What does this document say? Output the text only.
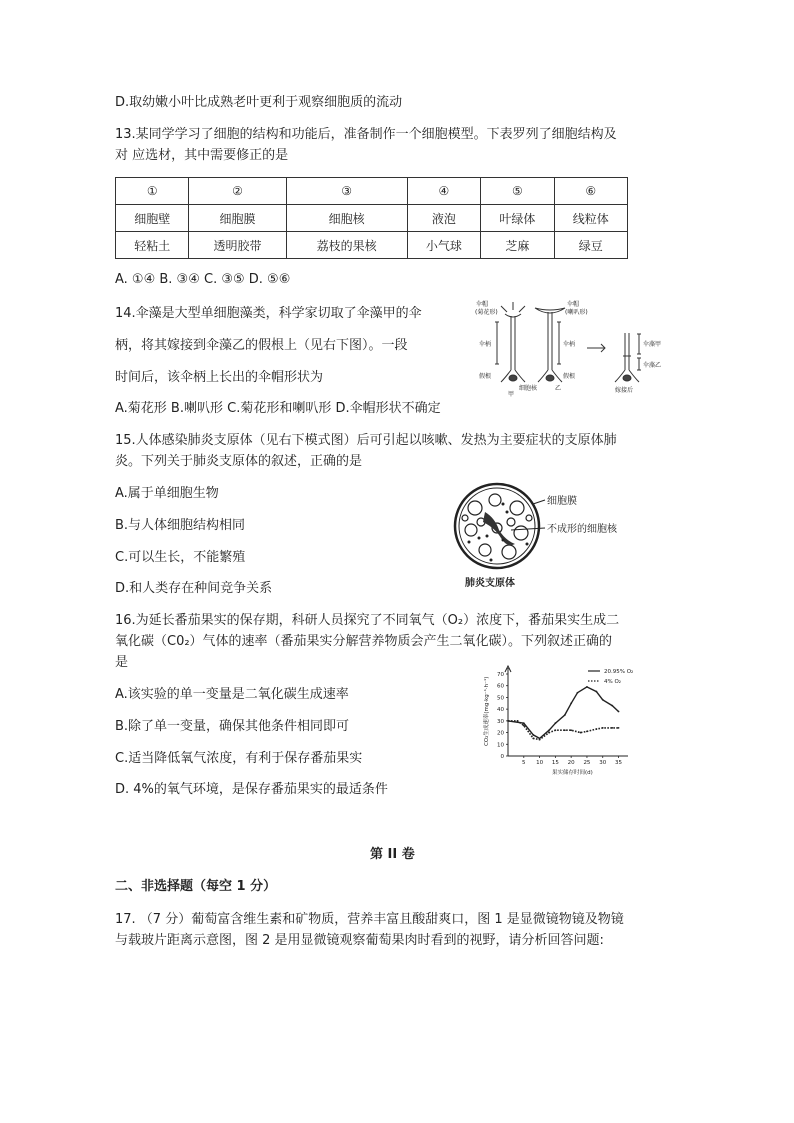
D.取幼嫩小叶比成熟老叶更利于观察细胞质的流动
13.某同学学习了细胞的结构和功能后，准备制作一个细胞模型。下表罗列了细胞结构及
对 应选材，其中需要修正的是
①	②	③	④	⑤	⑥
细胞壁	细胞膜	细胞核	液泡	叶绿体	线粒体
轻粘土	透明胶带	荔枝的果核	小气球	芝麻	绿豆
A. ①④ B. ③④ C. ③⑤ D. ⑤⑥
14.伞藻是大型单细胞藻类，科学家切取了伞藻甲的伞
柄，将其嫁接到伞藻乙的假根上（见右下图）。一段
时间后，该伞柄上长出的伞帽形状为
A.菊花形 B.喇叭形 C.菊花形和喇叭形 D.伞帽形状不确定
伞帽
(菊花形)
伞帽
(喇叭形)
伞柄	伞柄
假根	假根
细胞核
甲
乙
伞藻甲
伞藻乙
嫁接后
15.人体感染肺炎支原体（见右下模式图）后可引起以咳嗽、发热为主要症状的支原体肺
炎。下列关于肺炎支原体的叙述，正确的是
A.属于单细胞生物
B.与人体细胞结构相同
C.可以生长，不能繁殖
D.和人类存在种间竞争关系
细胞膜
不成形的细胞核
肺炎支原体
16.为延长番茄果实的保存期，科研人员探究了不同氧气（O₂）浓度下，番茄果实生成二
氧化碳（C0₂）气体的速率（番茄果实分解营养物质会产生二氧化碳）。下列叙述正确的
是
A.该实验的单一变量是二氧化碳生成速率
B.除了单一变量，确保其他条件相同即可
C.适当降低氧气浓度，有利于保存番茄果实
D. 4%的氧气环境，是保存番茄果实的最适条件
CO₂生成速率(mg·kg⁻¹·h⁻¹)
果实储存时间(d)
20.95% O₂
4% O₂
0
10
20
30
40
50
60
70
5 10 15 20 25 30 35
第 II 卷
二、非选择题（每空 1 分）
17. （7 分）葡萄富含维生素和矿物质，营养丰富且酸甜爽口，图 1 是显微镜物镜及物镜
与载玻片距离示意图，图 2 是用显微镜观察葡萄果肉时看到的视野，请分析回答问题:
